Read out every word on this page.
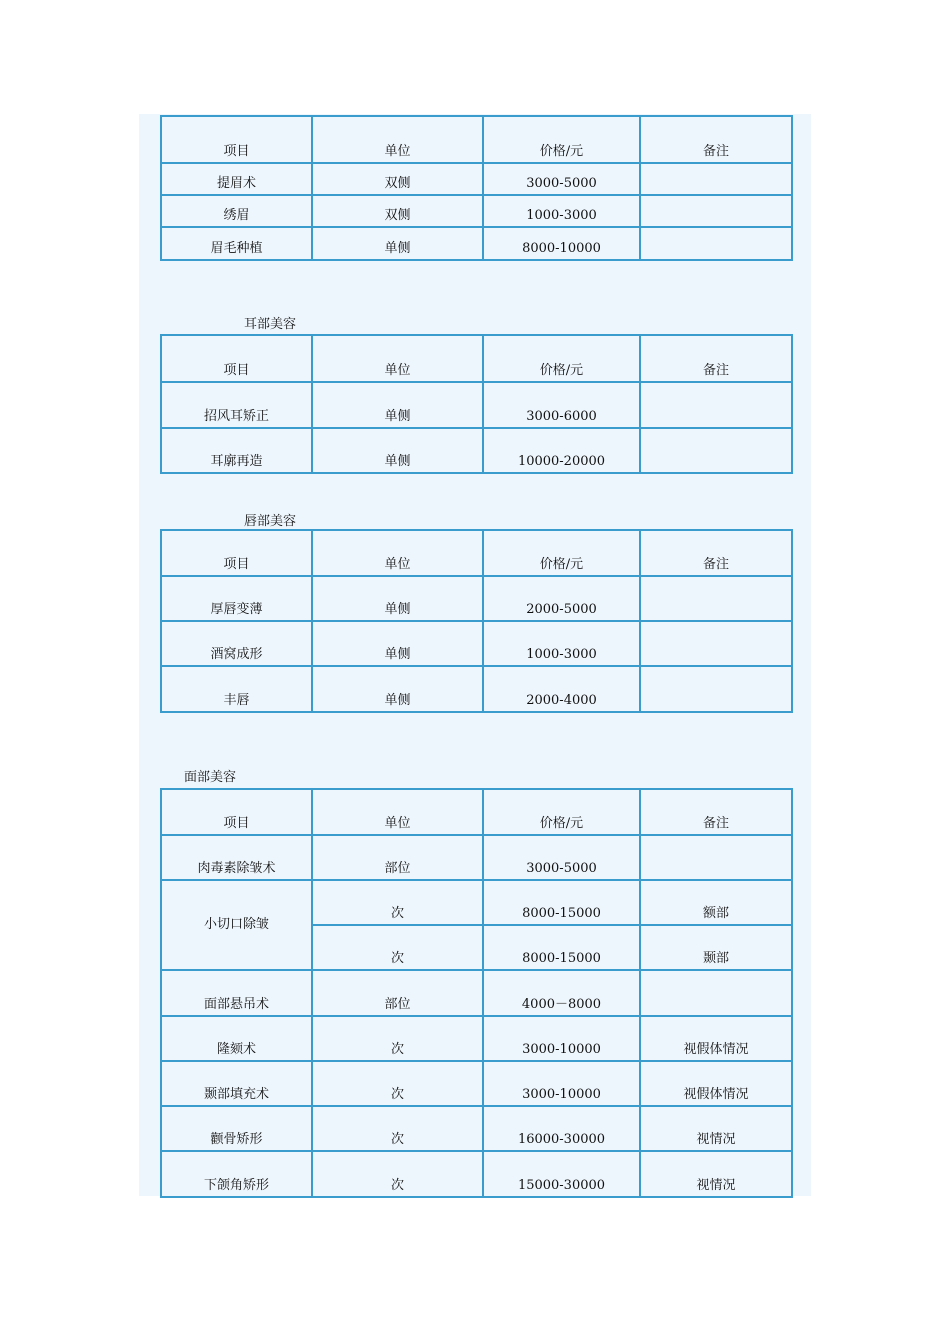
项目	单位	价格/元	备注
提眉术	双侧	3000-5000	
绣眉	双侧	1000-3000	
眉毛种植	单侧	8000-10000	
耳部美容
项目	单位	价格/元	备注
招风耳矫正	单侧	3000-6000	
耳廓再造	单侧	10000-20000	
唇部美容
项目	单位	价格/元	备注
厚唇变薄	单侧	2000-5000	
酒窝成形	单侧	1000-3000	
丰唇	单侧	2000-4000	
面部美容
项目	单位	价格/元	备注
肉毒素除皱术	部位	3000-5000	
小切口除皱	次	8000-15000	额部
	次	8000-15000	颞部
面部悬吊术	部位	4000－8000	
隆颏术	次	3000-10000	视假体情况
颞部填充术	次	3000-10000	视假体情况
颧骨矫形	次	16000-30000	视情况
下颌角矫形	次	15000-30000	视情况
